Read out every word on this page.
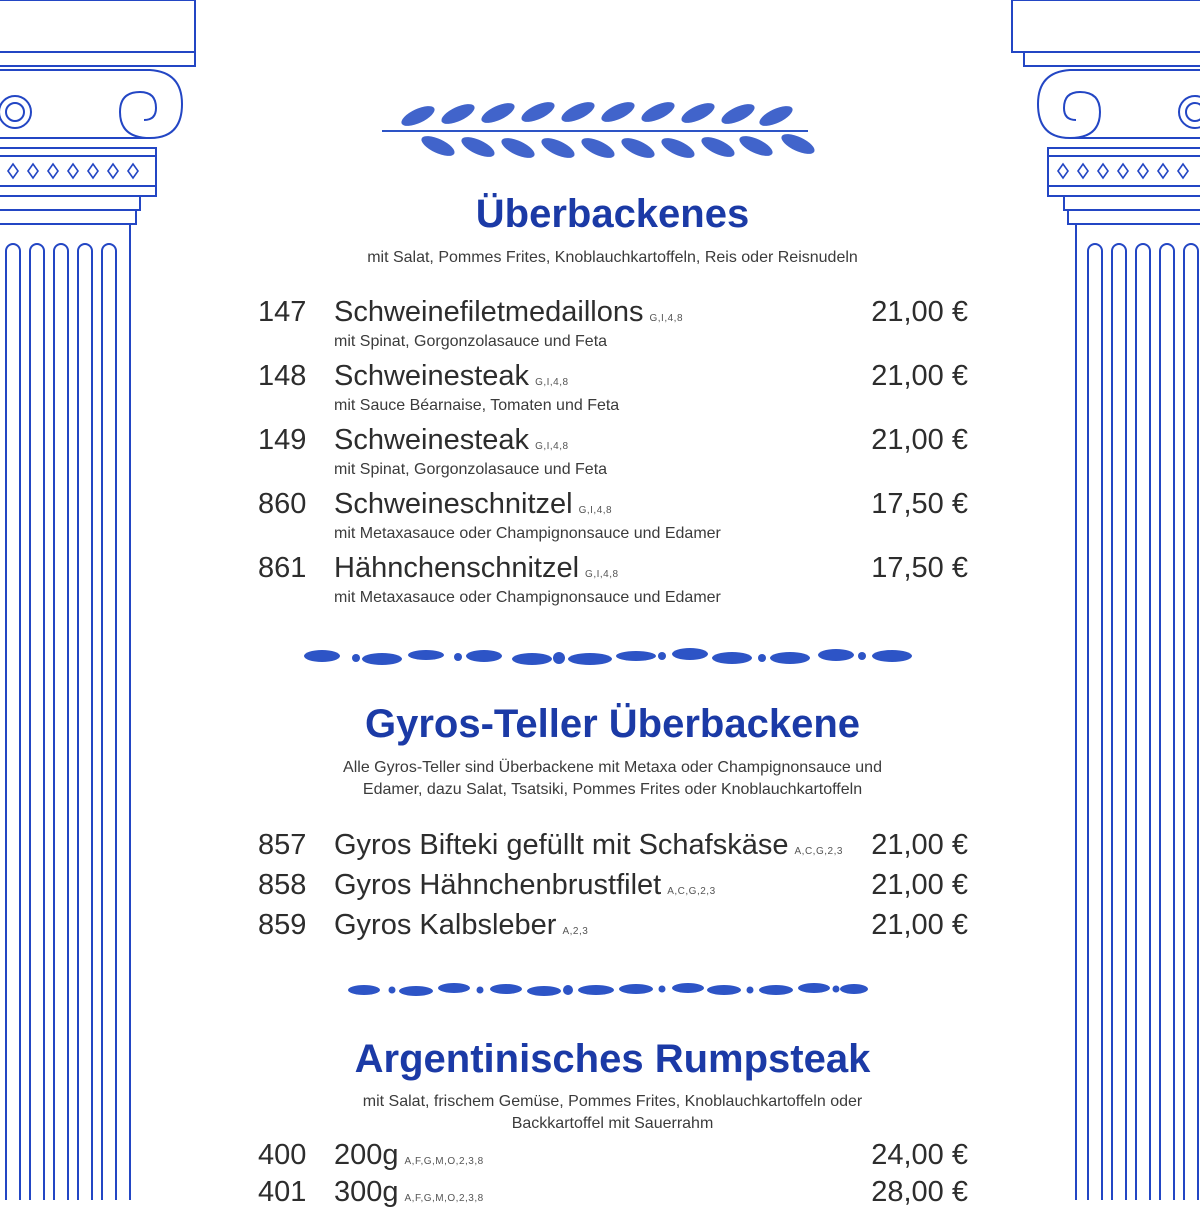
Überbackenes

mit Salat, Pommes Frites, Knoblauchkartoffeln, Reis oder Reisnudeln

147 Schweinefiletmedaillons G,I,4,8	21,00 €
mit Spinat, Gorgonzolasauce und Feta
148 Schweinesteak G,I,4,8	21,00 €
mit Sauce Béarnaise, Tomaten und Feta
149 Schweinesteak G,I,4,8	21,00 €
mit Spinat, Gorgonzolasauce und Feta
860 Schweineschnitzel G,I,4,8	17,50 €
mit Metaxasauce oder Champignonsauce und Edamer
861 Hähnchenschnitzel G,I,4,8	17,50 €
mit Metaxasauce oder Champignonsauce und Edamer
Gyros-Teller Überbackene

Alle Gyros-Teller sind Überbackene mit Metaxa oder Champignonsauce und
Edamer, dazu Salat, Tsatsiki, Pommes Frites oder Knoblauchkartoffeln

857 Gyros Bifteki gefüllt mit Schafskäse A,C,G,2,3 21,00 €
858 Gyros Hähnchenbrustfilet A,C,G,2,3	21,00 €
859 Gyros Kalbsleber A,2,3	21,00 €
Argentinisches Rumpsteak

mit Salat, frischem Gemüse, Pommes Frites, Knoblauchkartoffeln oder
Backkartoffel mit Sauerrahm

400 200g A,F,G,M,O,2,3,8	24,00 €
401 300g A,F,G,M,O,2,3,8	28,00 €
